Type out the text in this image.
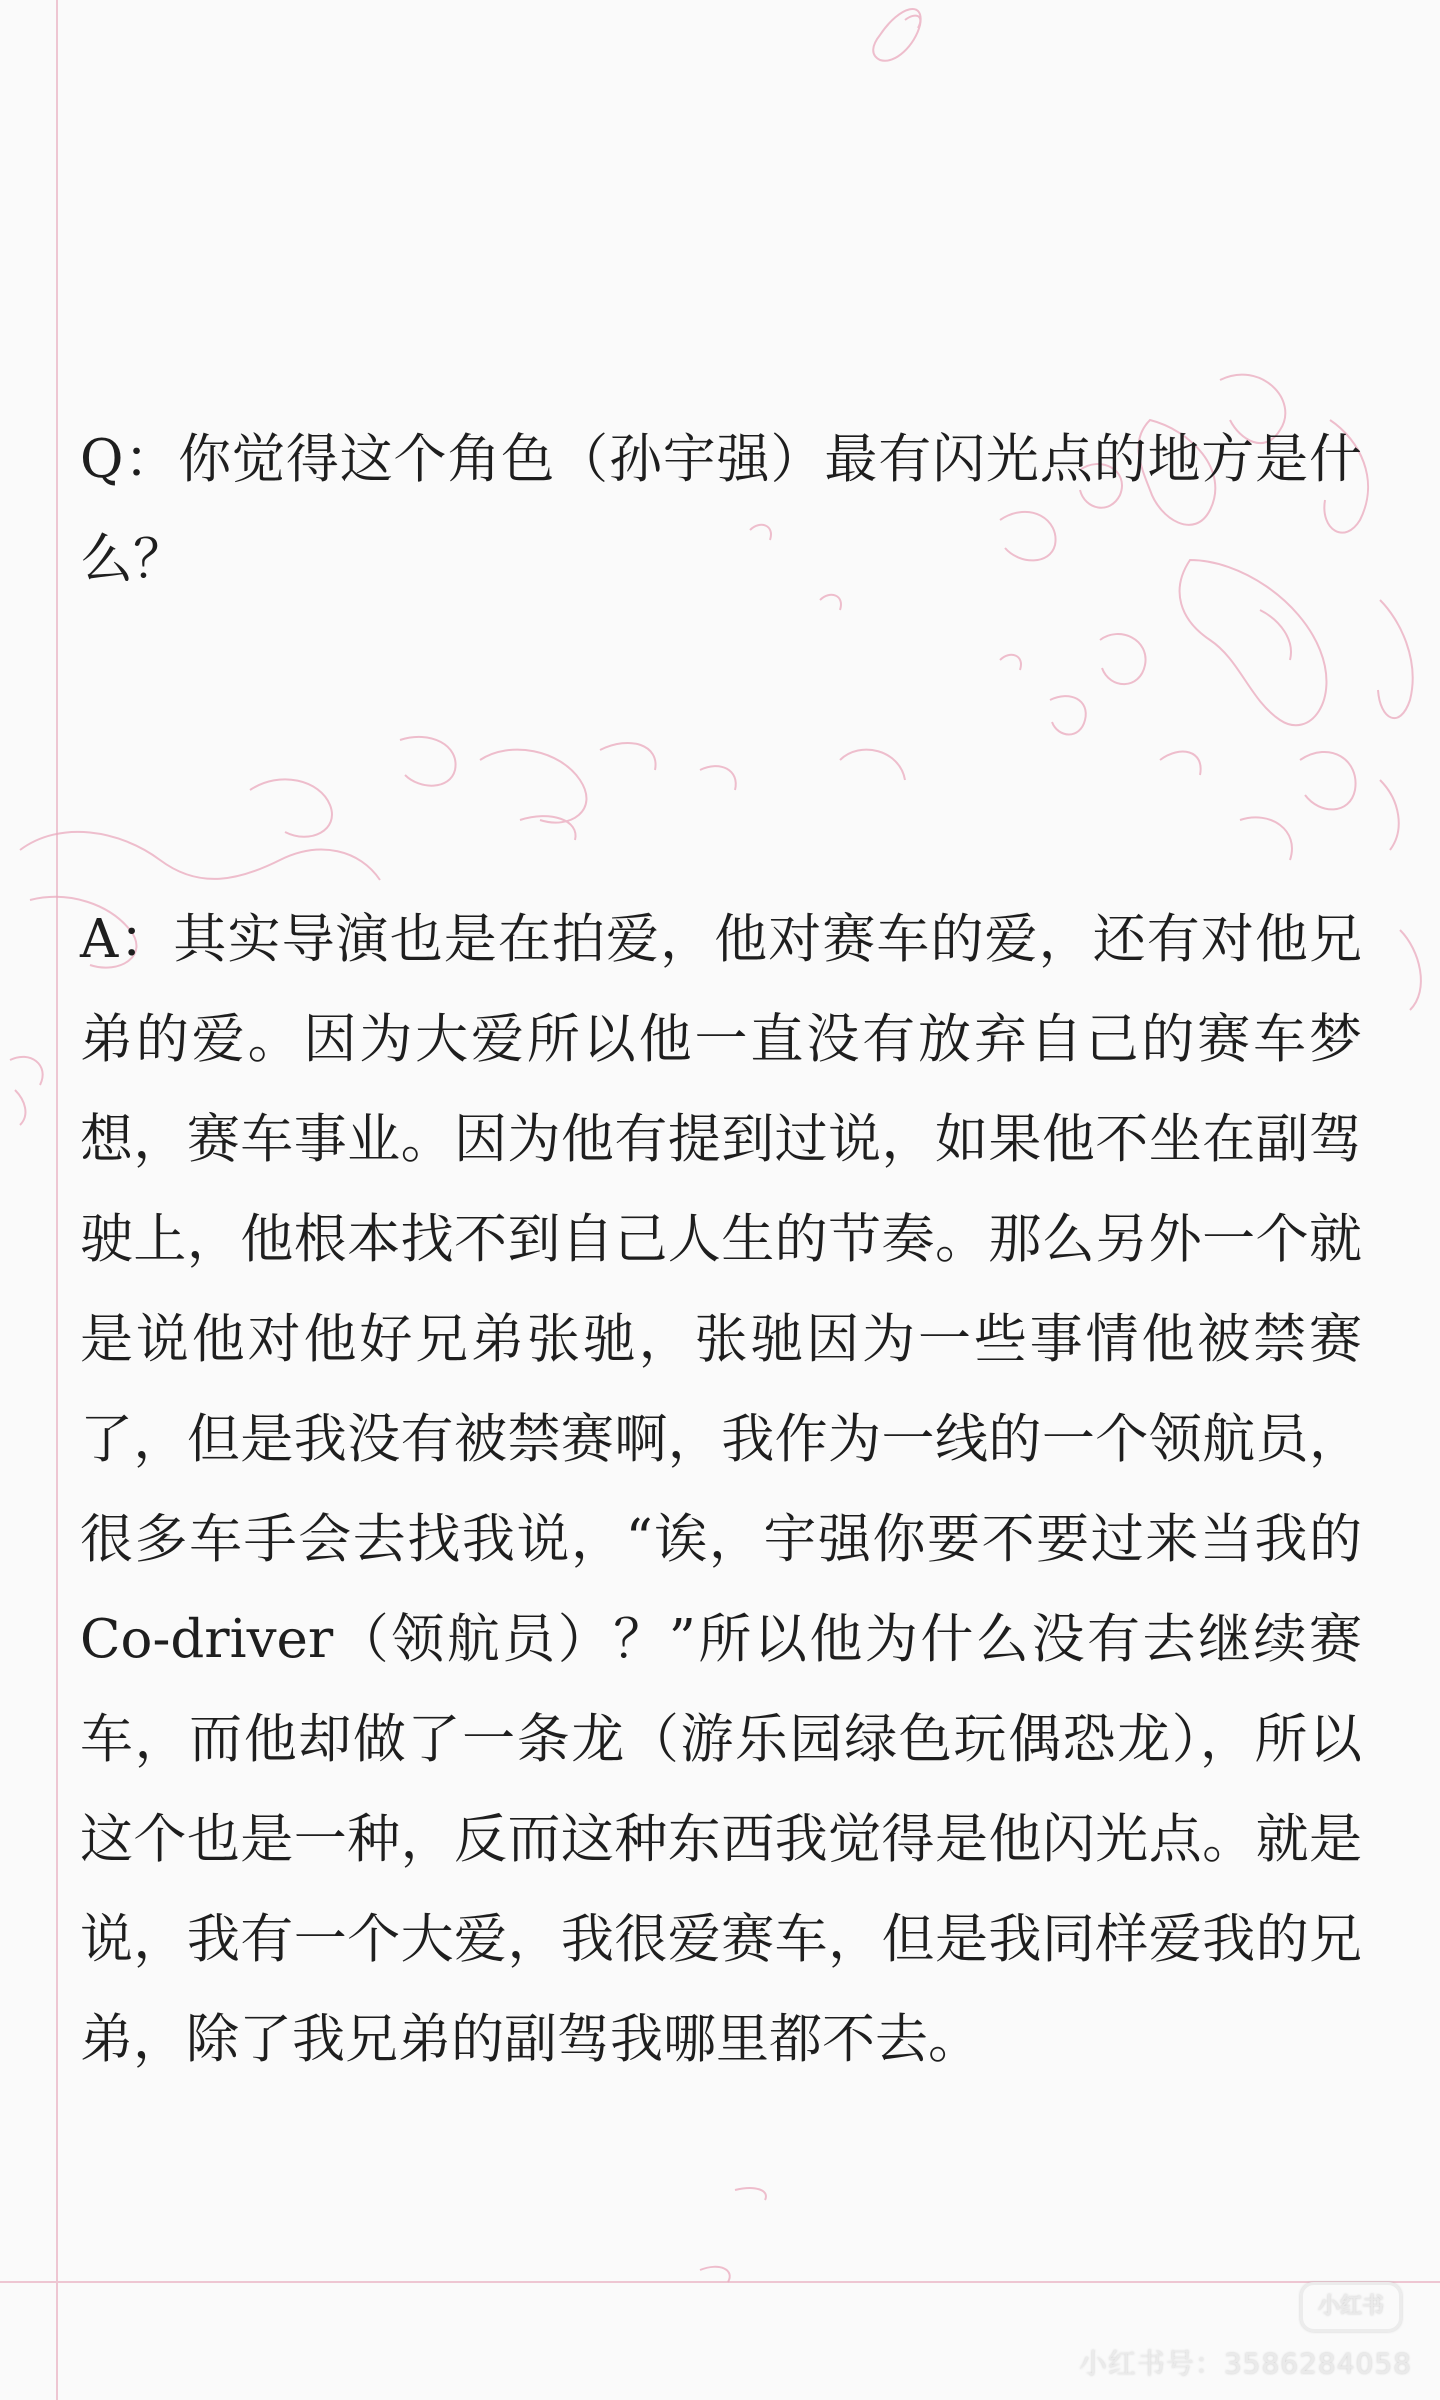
Q：你觉得这个角色（孙宇强）最有闪光点的地方是什么？

A：其实导演也是在拍爱，他对赛车的爱，还有对他兄弟的爱。因为大爱所以他一直没有放弃自己的赛车梦想，赛车事业。因为他有提到过说，如果他不坐在副驾驶上，他根本找不到自己人生的节奏。那么另外一个就是说他对他好兄弟张驰，张驰因为一些事情他被禁赛了，但是我没有被禁赛啊，我作为一线的一个领航员，很多车手会去找我说，“诶，宇强你要不要过来当我的Co-driver（领航员）？”所以他为什么没有去继续赛车，而他却做了一条龙（游乐园绿色玩偶恐龙），所以这个也是一种，反而这种东西我觉得是他闪光点。就是说，我有一个大爱，我很爱赛车，但是我同样爱我的兄弟，除了我兄弟的副驾我哪里都不去。

小红书
小红书号：3586284058
